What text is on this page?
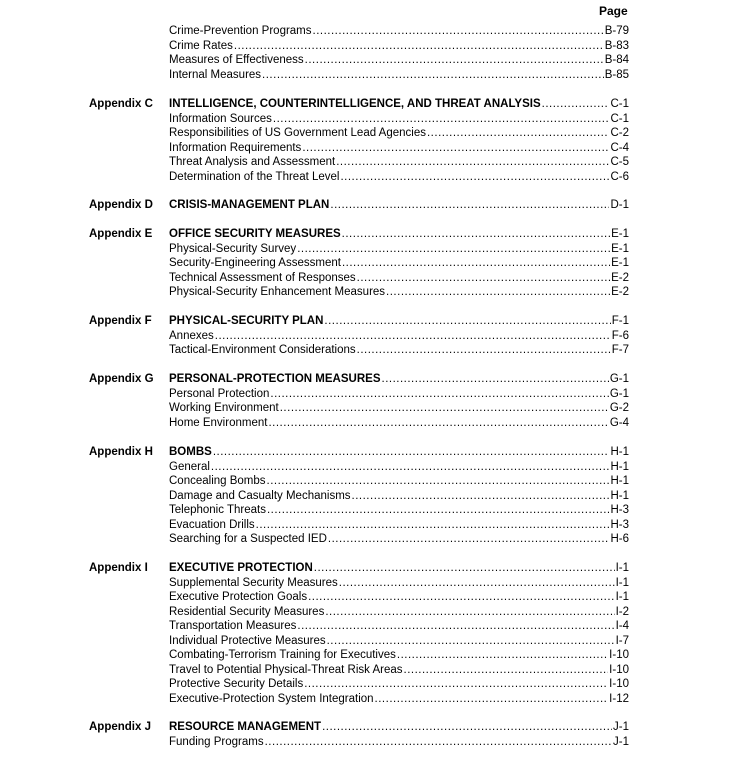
Page
Crime-Prevention Programs .....	B-79
Crime Rates .....	B-83
Measures of Effectiveness .....	B-84
Internal Measures .....	B-85
Appendix C INTELLIGENCE, COUNTERINTELLIGENCE, AND THREAT ANALYSIS .....	C-1
Information Sources .....	C-1
Responsibilities of US Government Lead Agencies .....	C-2
Information Requirements .....	C-4
Threat Analysis and Assessment .....	C-5
Determination of the Threat Level .....	C-6
Appendix D CRISIS-MANAGEMENT PLAN .....	D-1
Appendix E OFFICE SECURITY MEASURES .....	E-1
Physical-Security Survey .....	E-1
Security-Engineering Assessment .....	E-1
Technical Assessment of Responses .....	E-2
Physical-Security Enhancement Measures .....	E-2
Appendix F PHYSICAL-SECURITY PLAN .....	F-1
Annexes .....	F-6
Tactical-Environment Considerations .....	F-7
Appendix G PERSONAL-PROTECTION MEASURES .....	G-1
Personal Protection .....	G-1
Working Environment .....	G-2
Home Environment .....	G-4
Appendix H BOMBS .....	H-1
General .....	H-1
Concealing Bombs .....	H-1
Damage and Casualty Mechanisms .....	H-1
Telephonic Threats .....	H-3
Evacuation Drills .....	H-3
Searching for a Suspected IED .....	H-6
Appendix I EXECUTIVE PROTECTION .....	I-1
Supplemental Security Measures .....	I-1
Executive Protection Goals .....	I-1
Residential Security Measures .....	I-2
Transportation Measures .....	I-4
Individual Protective Measures .....	I-7
Combating-Terrorism Training for Executives .....	I-10
Travel to Potential Physical-Threat Risk Areas .....	I-10
Protective Security Details .....	I-10
Executive-Protection System Integration .....	I-12
Appendix J RESOURCE MANAGEMENT .....	J-1
Funding Programs .....	J-1
